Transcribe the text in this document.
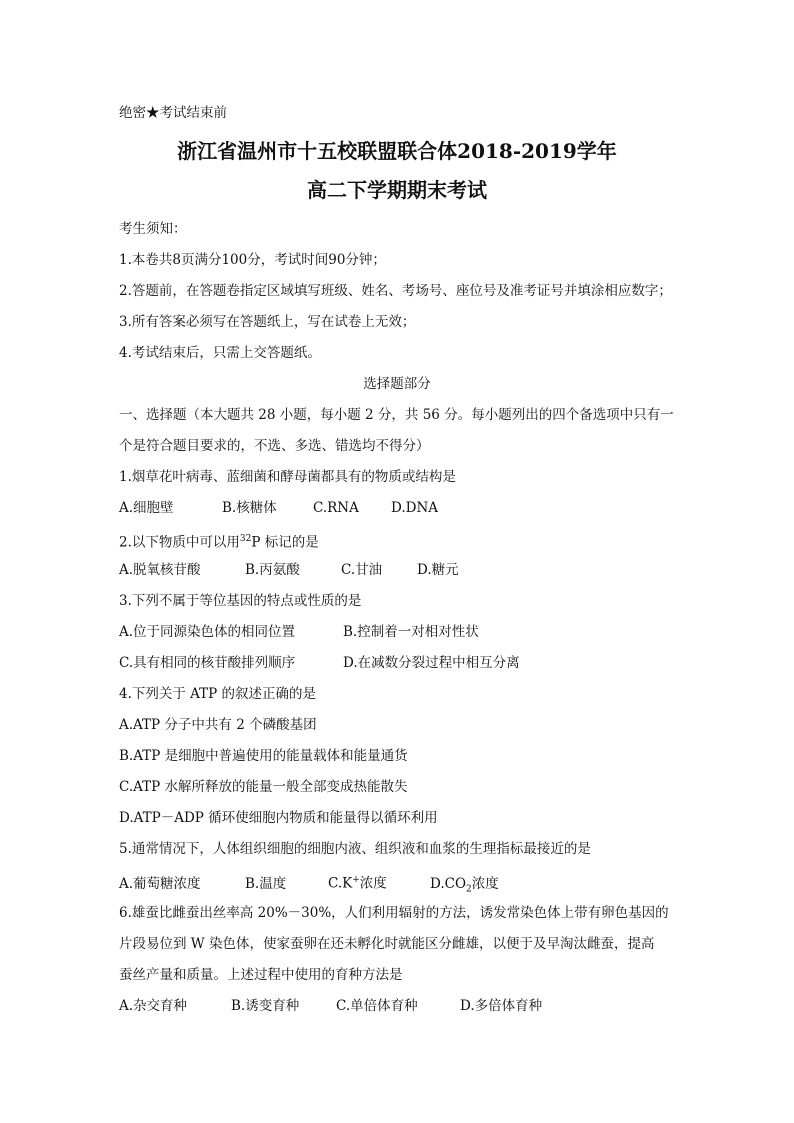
绝密★考试结束前
浙江省温州市十五校联盟联合体2018-2019学年
高二下学期期末考试
考生须知：
1.本卷共8页满分100分，考试时间90分钟；
2.答题前，在答题卷指定区域填写班级、姓名、考场号、座位号及准考证号并填涂相应数字；
3.所有答案必须写在答题纸上，写在试卷上无效；
4.考试结束后，只需上交答题纸。
选择题部分
一、选择题（本大题共 28 小题，每小题 2 分，共 56 分。每小题列出的四个备选项中只有一
个是符合题目要求的，不选、多选、错选均不得分）
1.烟草花叶病毒、蓝细菌和酵母菌都具有的物质或结构是
A.细胞壁	B.核糖体	C.RNA D.DNA
2.以下物质中可以用$^{32}$P 标记的是
A.脱氧核苷酸	B.丙氨酸	C.甘油	D.糖元
3.下列不属于等位基因的特点或性质的是
A.位于同源染色体的相同位置	B.控制着一对相对性状
C.具有相同的核苷酸排列顺序	D.在减数分裂过程中相互分离
4.下列关于 ATP 的叙述正确的是
A.ATP 分子中共有 2 个磷酸基团
B.ATP 是细胞中普遍使用的能量载体和能量通货
C.ATP 水解所释放的能量一般全部变成热能散失
D.ATP－ADP 循环使细胞内物质和能量得以循环利用
5.通常情况下，人体组织细胞的细胞内液、组织液和血浆的生理指标最接近的是
A.葡萄糖浓度	B.温度	C.K+浓度	$D.CO_2$浓度
6.雄蚕比雌蚕出丝率高 20%－30%，人们利用辐射的方法，诱发常染色体上带有卵色基因的
片段易位到 W 染色体，使家蚕卵在还未孵化时就能区分雌雄，以便于及早淘汰雌蚕，提高
蚕丝产量和质量。上述过程中使用的育种方法是
A.杂交育种	B.诱变育种	C.单倍体育种	D.多倍体育种
